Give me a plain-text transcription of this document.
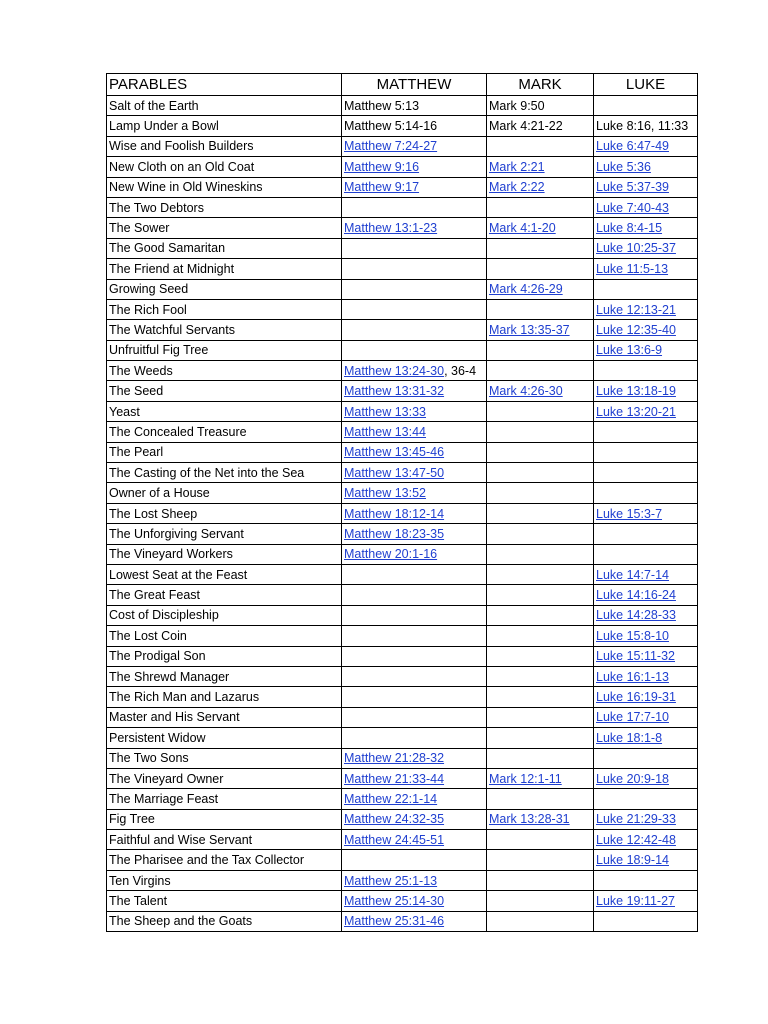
PARABLES	MATTHEW	MARK	LUKE
Salt of the Earth	Matthew 5:13	Mark 9:50	
Lamp Under a Bowl	Matthew 5:14-16	Mark 4:21-22	Luke 8:16, 11:33
Wise and Foolish Builders	Matthew 7:24-27		Luke 6:47-49
New Cloth on an Old Coat	Matthew 9:16	Mark 2:21	Luke 5:36
New Wine in Old Wineskins	Matthew 9:17	Mark 2:22	Luke 5:37-39
The Two Debtors			Luke 7:40-43
The Sower	Matthew 13:1-23	Mark 4:1-20	Luke 8:4-15
The Good Samaritan			Luke 10:25-37
The Friend at Midnight			Luke 11:5-13
Growing Seed		Mark 4:26-29	
The Rich Fool			Luke 12:13-21
The Watchful Servants		Mark 13:35-37	Luke 12:35-40
Unfruitful Fig Tree			Luke 13:6-9
The Weeds	Matthew 13:24-30, 36-4		
The Seed	Matthew 13:31-32	Mark 4:26-30	Luke 13:18-19
Yeast	Matthew 13:33		Luke 13:20-21
The Concealed Treasure	Matthew 13:44		
The Pearl	Matthew 13:45-46		
The Casting of the Net into the Sea	Matthew 13:47-50		
Owner of a House	Matthew 13:52		
The Lost Sheep	Matthew 18:12-14		Luke 15:3-7
The Unforgiving Servant	Matthew 18:23-35		
The Vineyard Workers	Matthew 20:1-16		
Lowest Seat at the Feast			Luke 14:7-14
The Great Feast			Luke 14:16-24
Cost of Discipleship			Luke 14:28-33
The Lost Coin			Luke 15:8-10
The Prodigal Son			Luke 15:11-32
The Shrewd Manager			Luke 16:1-13
The Rich Man and Lazarus			Luke 16:19-31
Master and His Servant			Luke 17:7-10
Persistent Widow			Luke 18:1-8
The Two Sons	Matthew 21:28-32		
The Vineyard Owner	Matthew 21:33-44	Mark 12:1-11	Luke 20:9-18
The Marriage Feast	Matthew 22:1-14		
Fig Tree	Matthew 24:32-35	Mark 13:28-31	Luke 21:29-33
Faithful and Wise Servant	Matthew 24:45-51		Luke 12:42-48
The Pharisee and the Tax Collector			Luke 18:9-14
Ten Virgins	Matthew 25:1-13		
The Talent	Matthew 25:14-30		Luke 19:11-27
The Sheep and the Goats	Matthew 25:31-46		
